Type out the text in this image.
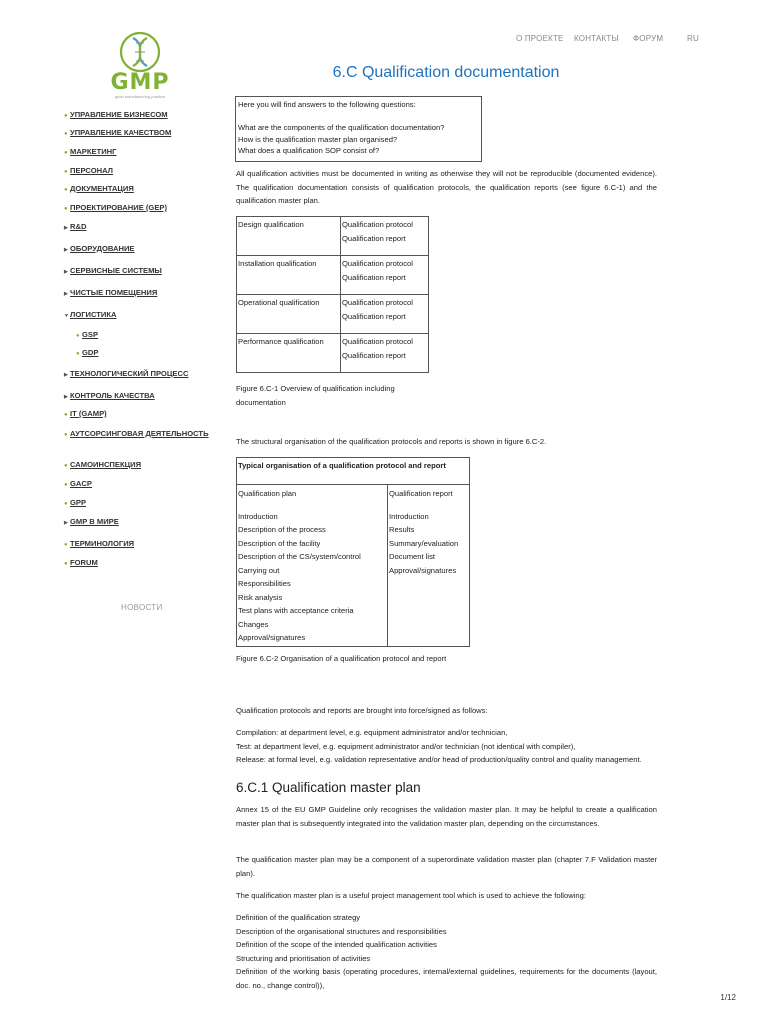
GMP
good manufacturing practice
О ПРОЕКТЕ КОНТАКТЫ ФОРУМ	RU
6.C Qualification documentation
● УПРАВЛЕНИЕ БИЗНЕСОМ
● УПРАВЛЕНИЕ КАЧЕСТВОМ
● МАРКЕТИНГ
● ПЕРСОНАЛ
● ДОКУМЕНТАЦИЯ
● ПРОЕКТИРОВАНИЕ (GEP)
▶ R&D
▶ ОБОРУДОВАНИЕ
▶ СЕРВИСНЫЕ СИСТЕМЫ
▶ ЧИСТЫЕ ПОМЕЩЕНИЯ
▼ЛОГИСТИКА
● GSP
● GDP
▶ ТЕХНОЛОГИЧЕСКИЙ ПРОЦЕСС
▶ КОНТРОЛЬ КАЧЕСТВА
● IT (GAMP)
● АУТСОРСИНГОВАЯ ДЕЯТЕЛЬНОСТЬ
● САМОИНСПЕКЦИЯ
● GACP
● GPP
▶ GMP В МИРЕ
● ТЕРМИНОЛОГИЯ
● FORUM
НОВОСТИ
Here you will find answers to the following questions:
What are the components of the qualification documentation?
How is the qualification master plan organised?
What does a qualification SOP consist of?
All qualification activities must be documented in writing as otherwise they will not be reproducible (documented evidence). The qualification documentation consists of qualification protocols, the qualification reports (see figure 6.C-1) and the qualification master plan.
Design qualification	Qualification protocol
Qualification report

Installation qualification	Qualification protocol
Qualification report

Operational qualification	Qualification protocol
Qualification report

Performance qualification	Qualification protocol
Qualification report
Figure 6.C-1 Overview of qualification including documentation
The structural organisation of the qualification protocols and reports is shown in figure 6.C-2.
Typical organisation of a qualification protocol and report

Qualification plan
Introduction
Description of the process
Description of the facility
Description of the CS/system/control
Carrying out
Responsibilities
Risk analysis
Test plans with acceptance criteria
Changes
Approval/signatures

Qualification report
Introduction
Results
Summary/evaluation
Document list
Approval/signatures
Figure 6.C-2 Organisation of a qualification protocol and report
Qualification protocols and reports are brought into force/signed as follows:
Compilation: at department level, e.g. equipment administrator and/or technician,
Test: at department level, e.g. equipment administrator and/or technician (not identical with compiler),
Release: at formal level, e.g. validation representative and/or head of production/quality control and quality management.
6.C.1 Qualification master plan
Annex 15 of the EU GMP Guideline only recognises the validation master plan. It may be helpful to create a qualification master plan that is subsequently integrated into the validation master plan, depending on the circumstances.
The qualification master plan may be a component of a superordinate validation master plan (chapter 7.F Validation master plan).
The qualification master plan is a useful project management tool which is used to achieve the following:
Definition of the qualification strategy
Description of the organisational structures and responsibilities
Definition of the scope of the intended qualification activities
Structuring and prioritisation of activities
Definition of the working basis (operating procedures, internal/external guidelines, requirements for the documents (layout, doc. no., change control)),
1/12
